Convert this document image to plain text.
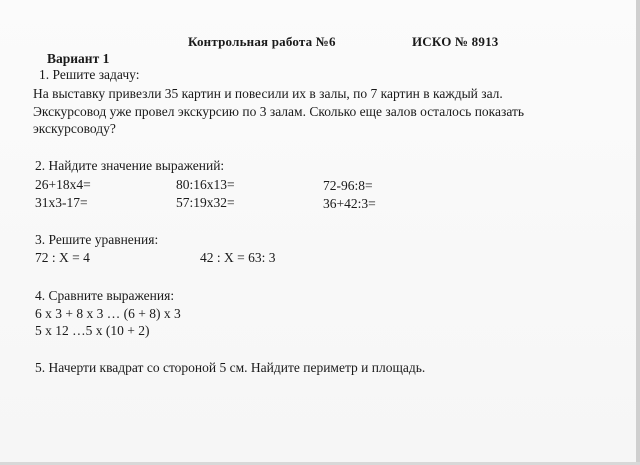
Контрольная работа №6	ИСКО № 8913
Вариант 1
1. Решите задачу:
На выставку привезли 35 картин и повесили их в залы, по 7 картин в каждый зал.
Экскурсовод уже провел экскурсию по 3 залам. Сколько еще залов осталось показать
экскурсоводу?
2. Найдите значение выражений:
26+18x4=	80:16x13=	72-96:8=
31x3-17=	57:19x32=	36+42:3=
3. Решите уравнения:
72 : X = 4	42 : X = 63: 3
4. Сравните выражения:
6 x 3 + 8 x 3 … (6 + 8) x 3
5 x 12 …5 x (10 + 2)
5. Начерти квадрат со стороной 5 см. Найдите периметр и площадь.
